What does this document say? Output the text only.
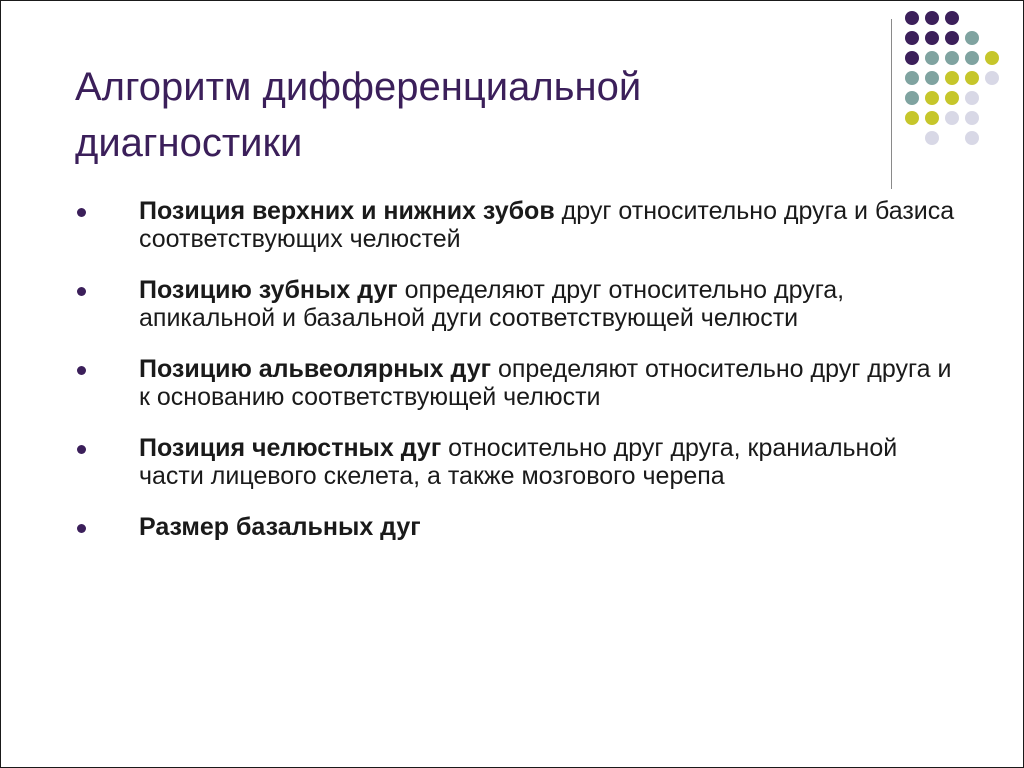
Алгоритм дифференциальной диагностики
Позиция верхних и нижних зубов друг относительно друга и базиса соответствующих челюстей
Позицию зубных дуг определяют друг относительно друга, апикальной и базальной дуги соответствующей челюсти
Позицию альвеолярных дуг определяют относительно друг друга и к основанию соответствующей челюсти
Позиция челюстных дуг относительно друг друга, краниальной части лицевого скелета, а также мозгового черепа
Размер базальных дуг
